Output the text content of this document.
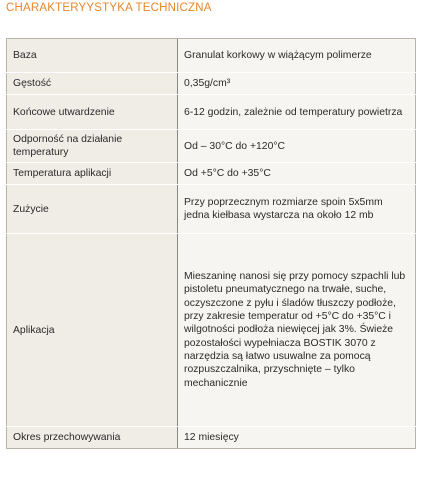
CHARAKTERYYSTYKA TECHNICZNA
Baza	Granulat korkowy w wiążącym polimerze

Gęstość	0,35g/cm³

Końcowe utwardzenie	6-12 godzin, zależnie od temperatury powietrza

Odporność na działanie temperatury	Od – 30°C do +120°C

Temperatura aplikacji	Od +5°C do +35°C

Zużycie	Przy poprzecznym rozmiarze spoin 5x5mm jedna kiełbasa wystarcza na około 12 mb

Aplikacja	Mieszaninę nanosi się przy pomocy szpachli lub pistoletu pneumatycznego na trwałe, suche, oczyszczone z pyłu i śladów tłuszczy podłoże, przy zakresie temperatur od +5°C do +35°C i wilgotności podłoża niewięcej jak 3%. Świeże pozostałości wypełniacza BOSTIK 3070 z narzędzia są łatwo usuwalne za pomocą rozpuszczalnika, przyschnięte – tylko mechanicznie

Okres przechowywania	12 miesięcy
